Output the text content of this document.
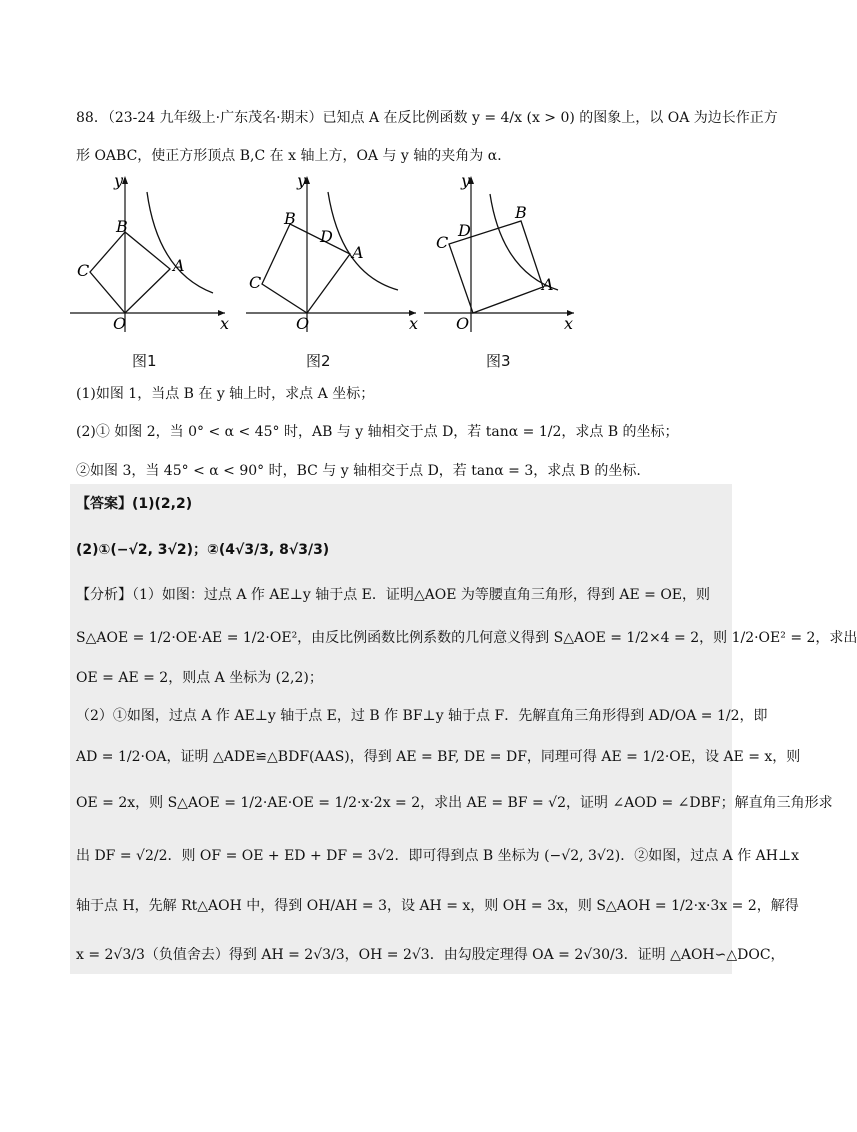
88．（23-24 九年级上·广东茂名·期末）已知点 A 在反比例函数 y = 4/x (x > 0) 的图象上，以 OA 为边长作正方
形 OABC，使正方形顶点 B,C 在 x 轴上方，OA 与 y 轴的夹角为 α．
y
x
O
A
B
C
图1
y
x
O
A
B
C
D
图2
y
x
O
A
B
C
D
图3
(1)如图 1，当点 B 在 y 轴上时，求点 A 坐标；
(2)① 如图 2，当 0° < α < 45° 时，AB 与 y 轴相交于点 D，若 tanα = 1/2，求点 B 的坐标；
②如图 3，当 45° < α < 90° 时，BC 与 y 轴相交于点 D，若 tanα = 3，求点 B 的坐标.
【答案】(1)(2,2)
(2)①(−√2, 3√2)；②(4√3/3, 8√3/3)
【分析】（1）如图：过点 A 作 AE⊥y 轴于点 E．证明△AOE 为等腰直角三角形，得到 AE = OE，则
S△AOE = 1/2·OE·AE = 1/2·OE²，由反比例函数比例系数的几何意义得到 S△AOE = 1/2×4 = 2，则 1/2·OE² = 2，求出
OE = AE = 2，则点 A 坐标为 (2,2)；
（2）①如图，过点 A 作 AE⊥y 轴于点 E，过 B 作 BF⊥y 轴于点 F．先解直角三角形得到 AD/OA = 1/2，即
AD = 1/2·OA，证明 △ADE≌△BDF(AAS)，得到 AE = BF, DE = DF，同理可得 AE = 1/2·OE，设 AE = x，则
OE = 2x，则 S△AOE = 1/2·AE·OE = 1/2·x·2x = 2，求出 AE = BF = √2，证明 ∠AOD = ∠DBF；解直角三角形求
出 DF = √2/2．则 OF = OE + ED + DF = 3√2．即可得到点 B 坐标为 (−√2, 3√2)．②如图，过点 A 作 AH⊥x
轴于点 H，先解 Rt△AOH 中，得到 OH/AH = 3，设 AH = x，则 OH = 3x，则 S△AOH = 1/2·x·3x = 2，解得
x = 2√3/3（负值舍去）得到 AH = 2√3/3，OH = 2√3．由勾股定理得 OA = 2√30/3．证明 △AOH∽△DOC，
